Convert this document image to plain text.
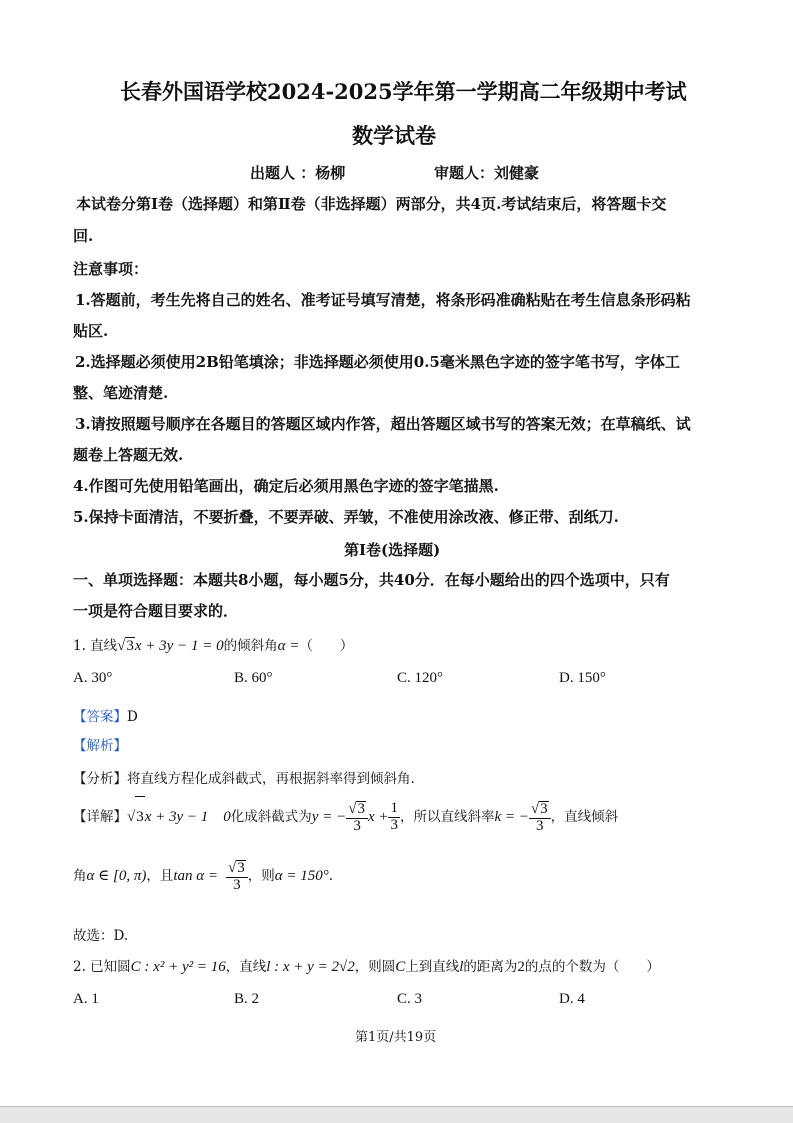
长春外国语学校2024-2025学年第一学期高二年级期中考试
数学试卷
出题人 ：杨柳	审题人：刘健豪
本试卷分第Ⅰ卷（选择题）和第Ⅱ卷（非选择题）两部分，共4页.考试结束后，将答题卡交
回.
注意事项：
1.答题前，考生先将自己的姓名、准考证号填写清楚，将条形码准确粘贴在考生信息条形码粘
贴区.
2.选择题必须使用2B铅笔填涂；非选择题必须使用0.5毫米黑色字迹的签字笔书写，字体工
整、笔迹清楚.
3.请按照题号顺序在各题目的答题区域内作答，超出答题区域书写的答案无效；在草稿纸、试
题卷上答题无效.
4.作图可先使用铅笔画出，确定后必须用黑色字迹的签字笔描黑.
5.保持卡面清洁，不要折叠，不要弄破、弄皱，不准使用涂改液、修正带、刮纸刀.
第Ⅰ卷(选择题)
一、单项选择题：本题共8小题，每小题5分，共40分．在每小题给出的四个选项中，只有
一项是符合题目要求的．
1. 直线√3x + 3y − 1 = 0的倾斜角α =（　　）
A. 30°	B. 60°	C. 120°	D. 150°
【答案】D
【解析】
【分析】将直线方程化成斜截式，再根据斜率得到倾斜角.
【详解】√3x + 3y − 1　0化成斜截式为y = − $\frac{√3}{3}$ $x + \frac{1}{3}$ ，所以直线斜率k = − $\frac{√3}{3}$ ，直线倾斜
角α ∈ [0, π)，且$\tan \alpha = \frac{√3}{3}$ ，则α = 150°.
故选：D.
2. 已知圆C : x² + y² = 16，直线l : x + y = 2√2，则圆C上到直线l的距离为2的点的个数为（　　）
A. 1	B. 2	C. 3	D. 4
第1页/共19页
